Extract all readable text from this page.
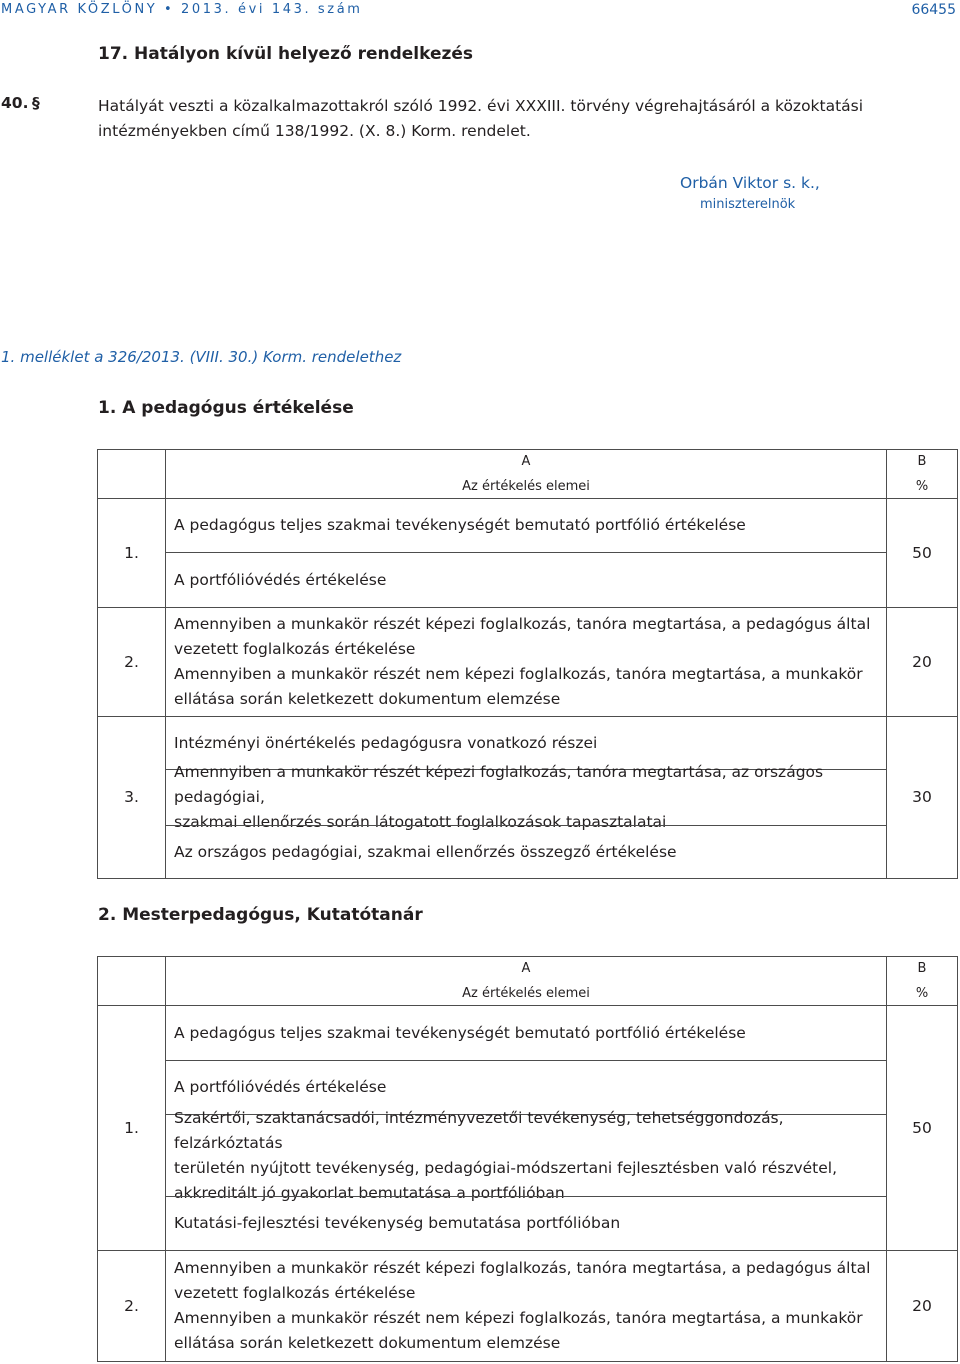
MAGYAR KÖZLÖNY • 2013. évi 143. szám	66455
17. Hatályon kívül helyező rendelkezés
40. §	Hatályát veszti a közalkalmazottakról szóló 1992. évi XXXIII. törvény végrehajtásáról a közoktatási intézményekben című 138/1992. (X. 8.) Korm. rendelet.
Orbán Viktor s. k.,
miniszterelnök
1. melléklet a 326/2013. (VIII. 30.) Korm. rendelethez
1. A pedagógus értékelése
A
Az értékelés elemei
B
%
1.
A pedagógus teljes szakmai tevékenységét bemutató portfólió értékelése
A portfólióvédés értékelése
50
2.
Amennyiben a munkakör részét képezi foglalkozás, tanóra megtartása, a pedagógus által
vezetett foglalkozás értékelése
Amennyiben a munkakör részét nem képezi foglalkozás, tanóra megtartása, a munkakör
ellátása során keletkezett dokumentum elemzése
20
3.
Intézményi önértékelés pedagógusra vonatkozó részei
Amennyiben a munkakör részét képezi foglalkozás, tanóra megtartása, az országos pedagógiai,
szakmai ellenőrzés során látogatott foglalkozások tapasztalatai
Az országos pedagógiai, szakmai ellenőrzés összegző értékelése
30
2. Mesterpedagógus, Kutatótanár
A
Az értékelés elemei
B
%
1.
A pedagógus teljes szakmai tevékenységét bemutató portfólió értékelése
A portfólióvédés értékelése
Szakértői, szaktanácsadói, intézményvezetői tevékenység, tehetséggondozás, felzárkóztatás
területén nyújtott tevékenység, pedagógiai-módszertani fejlesztésben való részvétel,
akkreditált jó gyakorlat bemutatása a portfólióban
Kutatási-fejlesztési tevékenység bemutatása portfólióban
50
2.
Amennyiben a munkakör részét képezi foglalkozás, tanóra megtartása, a pedagógus által
vezetett foglalkozás értékelése
Amennyiben a munkakör részét nem képezi foglalkozás, tanóra megtartása, a munkakör
ellátása során keletkezett dokumentum elemzése
20
